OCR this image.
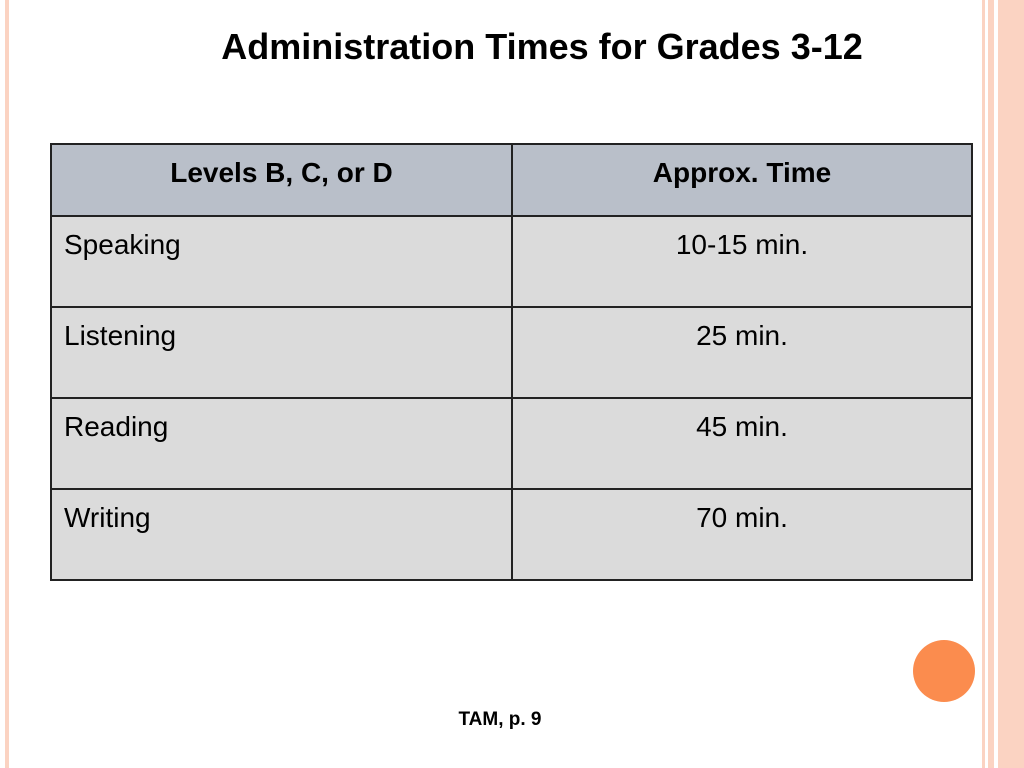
Administration Times for Grades 3-12
Levels B, C, or D	Approx. Time
Speaking	10-15 min.
Listening	25 min.
Reading	45 min.
Writing	70 min.
TAM, p. 9
